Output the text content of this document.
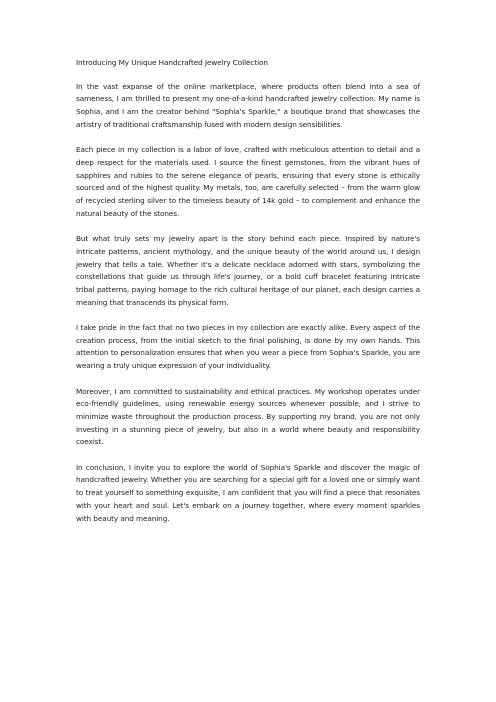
Introducing My Unique Handcrafted Jewelry Collection

In the vast expanse of the online marketplace, where products often blend into a sea of sameness, I am thrilled to present my one-of-a-kind handcrafted jewelry collection. My name is Sophia, and I am the creator behind "Sophia's Sparkle," a boutique brand that showcases the artistry of traditional craftsmanship fused with modern design sensibilities.

Each piece in my collection is a labor of love, crafted with meticulous attention to detail and a deep respect for the materials used. I source the finest gemstones, from the vibrant hues of sapphires and rubies to the serene elegance of pearls, ensuring that every stone is ethically sourced and of the highest quality. My metals, too, are carefully selected – from the warm glow of recycled sterling silver to the timeless beauty of 14k gold – to complement and enhance the natural beauty of the stones.

But what truly sets my jewelry apart is the story behind each piece. Inspired by nature's intricate patterns, ancient mythology, and the unique beauty of the world around us, I design jewelry that tells a tale. Whether it's a delicate necklace adorned with stars, symbolizing the constellations that guide us through life's journey, or a bold cuff bracelet featuring intricate tribal patterns, paying homage to the rich cultural heritage of our planet, each design carries a meaning that transcends its physical form.

I take pride in the fact that no two pieces in my collection are exactly alike. Every aspect of the creation process, from the initial sketch to the final polishing, is done by my own hands. This attention to personalization ensures that when you wear a piece from Sophia's Sparkle, you are wearing a truly unique expression of your individuality.

Moreover, I am committed to sustainability and ethical practices. My workshop operates under eco-friendly guidelines, using renewable energy sources whenever possible, and I strive to minimize waste throughout the production process. By supporting my brand, you are not only investing in a stunning piece of jewelry, but also in a world where beauty and responsibility coexist.

In conclusion, I invite you to explore the world of Sophia's Sparkle and discover the magic of handcrafted jewelry. Whether you are searching for a special gift for a loved one or simply want to treat yourself to something exquisite, I am confident that you will find a piece that resonates with your heart and soul. Let's embark on a journey together, where every moment sparkles with beauty and meaning.
